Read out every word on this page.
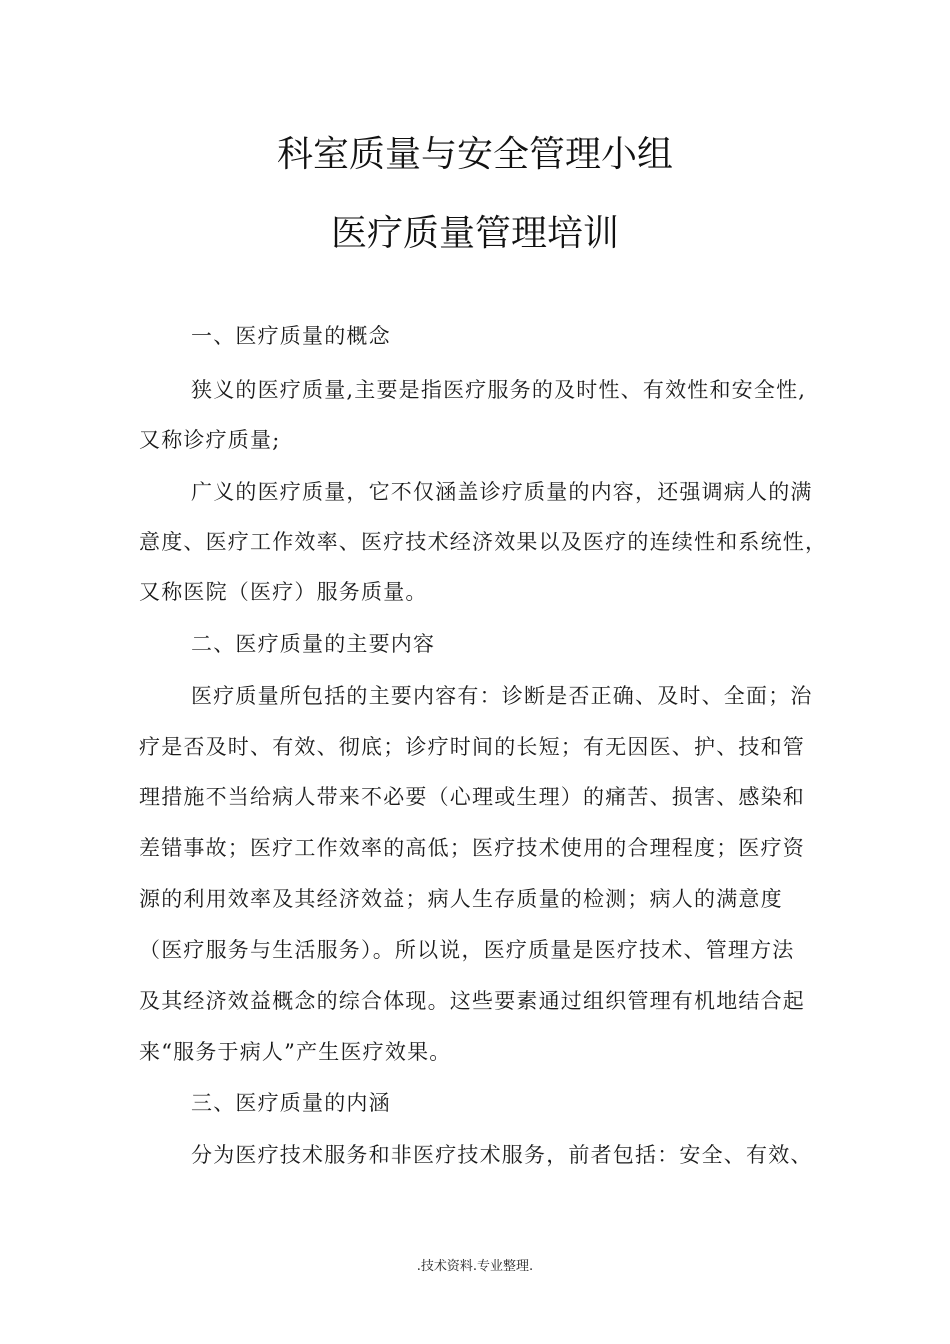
科室质量与安全管理小组
医疗质量管理培训

一、医疗质量的概念

狭义的医疗质量,主要是指医疗服务的及时性、有效性和安全性,

又称诊疗质量;

广义的医疗质量，它不仅涵盖诊疗质量的内容，还强调病人的满

意度、医疗工作效率、医疗技术经济效果以及医疗的连续性和系统性，

又称医院（医疗）服务质量。

二、医疗质量的主要内容

医疗质量所包括的主要内容有：诊断是否正确、及时、全面；治

疗是否及时、有效、彻底；诊疗时间的长短；有无因医、护、技和管

理措施不当给病人带来不必要（心理或生理）的痛苦、损害、感染和

差错事故；医疗工作效率的高低；医疗技术使用的合理程度；医疗资

源的利用效率及其经济效益；病人生存质量的检测；病人的满意度

（医疗服务与生活服务）。所以说，医疗质量是医疗技术、管理方法

及其经济效益概念的综合体现。这些要素通过组织管理有机地结合起

来“服务于病人”产生医疗效果。

三、医疗质量的内涵

分为医疗技术服务和非医疗技术服务，前者包括：安全、有效、

.技术资料.专业整理.
